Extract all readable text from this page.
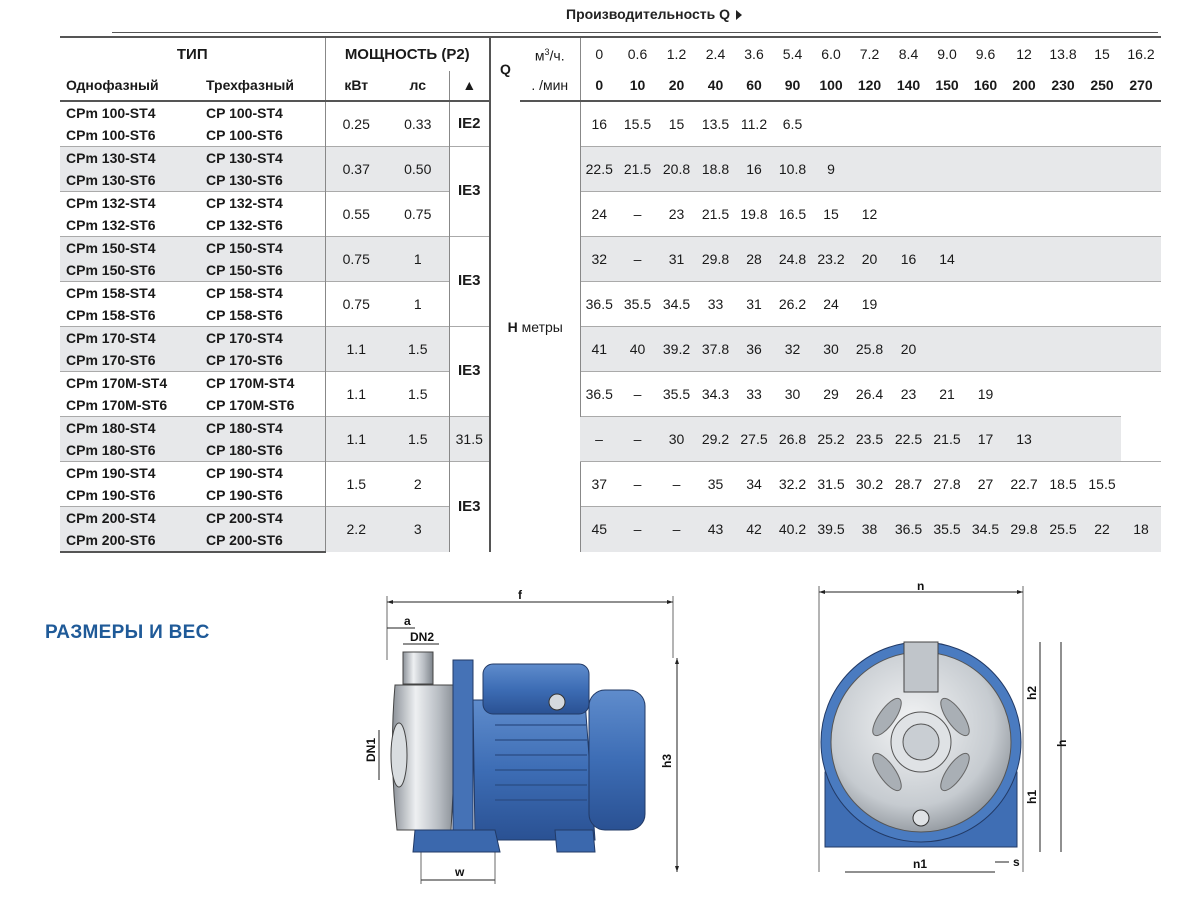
Производительность Q
ТИП		МОЩНОСТЬ (P2)			Q	$м^3/ч$.	0	0.6	1.2	2.4	3.6	5.4	6.0	7.2	8.4	9.0	9.6	12	13.8	15	16.2
Однофазный	Трехфазный	кВт	лс	▲		. /мин	0	10	20	40	60	90	100	120	140	150	160	200	230	250	270
CPm 100-ST4	CP 100-ST4	0.25	0.33	IE2	H метры		16	15.5	15	13.5	11.2	6.5									
CPm 100-ST6	CP 100-ST6																				
CPm 130-ST4	CP 130-ST4	0.37	0.50	IE3			22.5	21.5	20.8	18.8	16	10.8	9								
CPm 130-ST6	CP 130-ST6																				
CPm 132-ST4	CP 132-ST4	0.55	0.75				24	–	23	21.5	19.8	16.5	15	12							
CPm 132-ST6	CP 132-ST6																				
CPm 150-ST4	CP 150-ST4	0.75	1	IE3			32	–	31	29.8	28	24.8	23.2	20	16	14					
CPm 150-ST6	CP 150-ST6																				
CPm 158-ST4	CP 158-ST4	0.75	1				36.5	35.5	34.5	33	31	26.2	24	19							
CPm 158-ST6	CP 158-ST6																				
CPm 170-ST4	CP 170-ST4	1.1	1.5	IE3			41	40	39.2	37.8	36	32	30	25.8	20						
CPm 170-ST6	CP 170-ST6																				
CPm 170M-ST4	CP 170M-ST4	1.1	1.5				36.5	–	35.5	34.3	33	30	29	26.4	23	21	19				
CPm 170M-ST6	CP 170M-ST6																				
CPm 180-ST4	CP 180-ST4	1.1	1.5	31.5			–	–	30	29.2	27.5	26.8	25.2	23.5	22.5	21.5	17	13			
CPm 180-ST6	CP 180-ST6																				
CPm 190-ST4	CP 190-ST4	1.5	2	IE3			37	–	–	35	34	32.2	31.5	30.2	28.7	27.8	27	22.7	18.5	15.5	
CPm 190-ST6	CP 190-ST6																				
CPm 200-ST4	CP 200-ST4	2.2	3				45	–	–	43	42	40.2	39.5	38	36.5	35.5	34.5	29.8	25.5	22	18
CPm 200-ST6	CP 200-ST6																				
РАЗМЕРЫ И ВЕС
f
a
DN2
DN1	h3
w
n
h2
h
h1
n1	s
